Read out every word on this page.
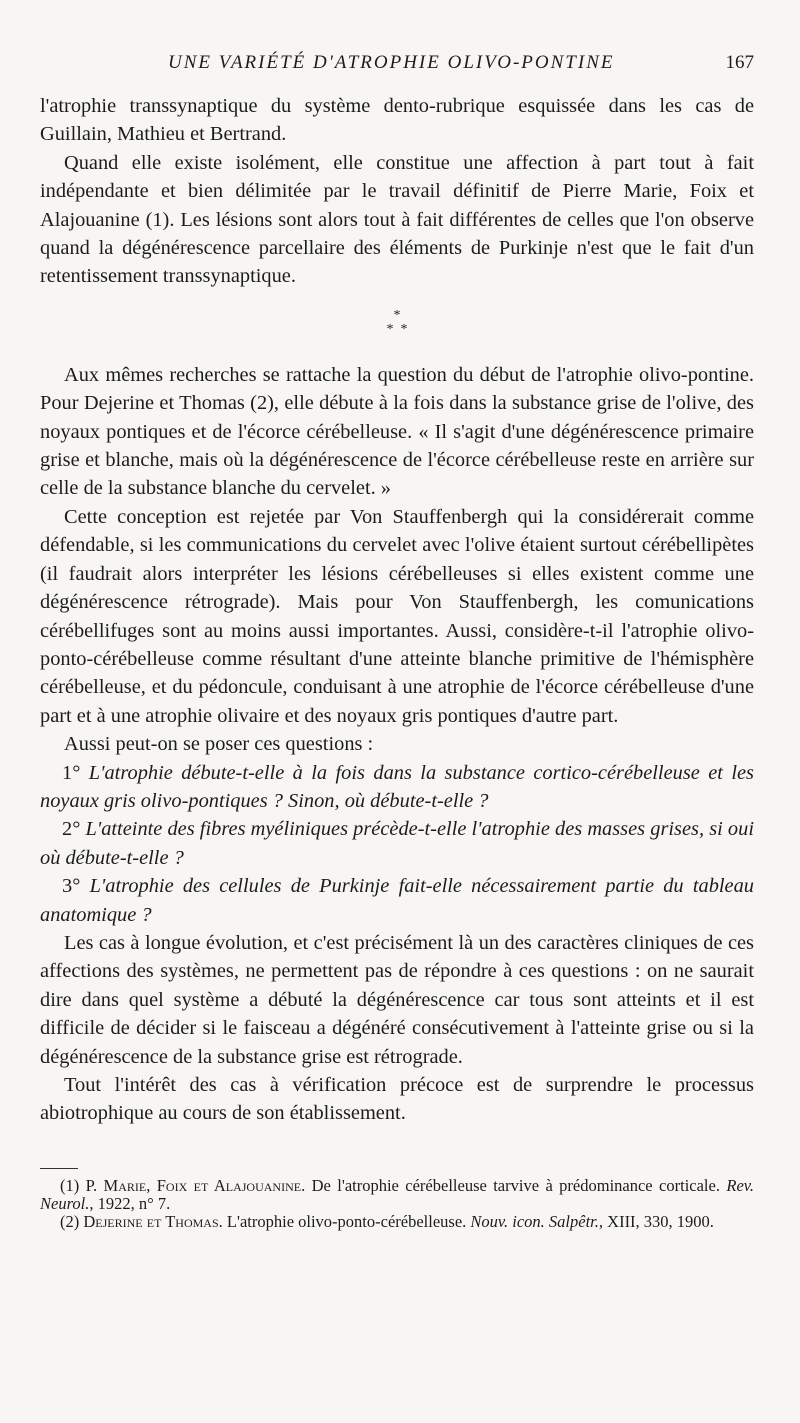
UNE VARIÉTÉ D'ATROPHIE OLIVO-PONTINE	167

l'atrophie transsynaptique du système dento-rubrique esquissée dans les cas de Guillain, Mathieu et Bertrand.

Quand elle existe isolément, elle constitue une affection à part tout à fait indépendante et bien délimitée par le travail définitif de Pierre Marie, Foix et Alajouanine (1). Les lésions sont alors tout à fait différentes de celles que l'on observe quand la dégénérescence parcellaire des éléments de Purkinje n'est que le fait d'un retentissement transsynaptique.

*
*  *

Aux mêmes recherches se rattache la question du début de l'atrophie olivo-pontine. Pour Dejerine et Thomas (2), elle débute à la fois dans la substance grise de l'olive, des noyaux pontiques et de l'écorce cérébelleuse. « Il s'agit d'une dégénérescence primaire grise et blanche, mais où la dégénérescence de l'écorce cérébelleuse reste en arrière sur celle de la substance blanche du cervelet. »

Cette conception est rejetée par Von Stauffenbergh qui la considérerait comme défendable, si les communications du cervelet avec l'olive étaient surtout cérébellipètes (il faudrait alors interpréter les lésions cérébelleuses si elles existent comme une dégénérescence rétrograde). Mais pour Von Stauffenbergh, les comunications cérébellifuges sont au moins aussi importantes. Aussi, considère-t-il l'atrophie olivo-ponto-cérébelleuse comme résultant d'une atteinte blanche primitive de l'hémisphère cérébelleuse, et du pédoncule, conduisant à une atrophie de l'écorce cérébelleuse d'une part et à une atrophie olivaire et des noyaux gris pontiques d'autre part.

Aussi peut-on se poser ces questions :

1° L'atrophie débute-t-elle à la fois dans la substance cortico-cérébelleuse et les noyaux gris olivo-pontiques ? Sinon, où débute-t-elle ?

2° L'atteinte des fibres myéliniques précède-t-elle l'atrophie des masses grises, si oui où débute-t-elle ?

3° L'atrophie des cellules de Purkinje fait-elle nécessairement partie du tableau anatomique ?

Les cas à longue évolution, et c'est précisément là un des caractères cliniques de ces affections des systèmes, ne permettent pas de répondre à ces questions : on ne saurait dire dans quel système a débuté la dégénérescence car tous sont atteints et il est difficile de décider si le faisceau a dégénéré consécutivement à l'atteinte grise ou si la dégénérescence de la substance grise est rétrograde.

Tout l'intérêt des cas à vérification précoce est de surprendre le processus abiotrophique au cours de son établissement.

(1) P. Marie, Foix et Alajouanine. De l'atrophie cérébelleuse tarvive à prédominance corticale. Rev. Neurol., 1922, n° 7.

(2) Dejerine et Thomas. L'atrophie olivo-ponto-cérébelleuse. Nouv. icon. Salpêtr., XIII, 330, 1900.
